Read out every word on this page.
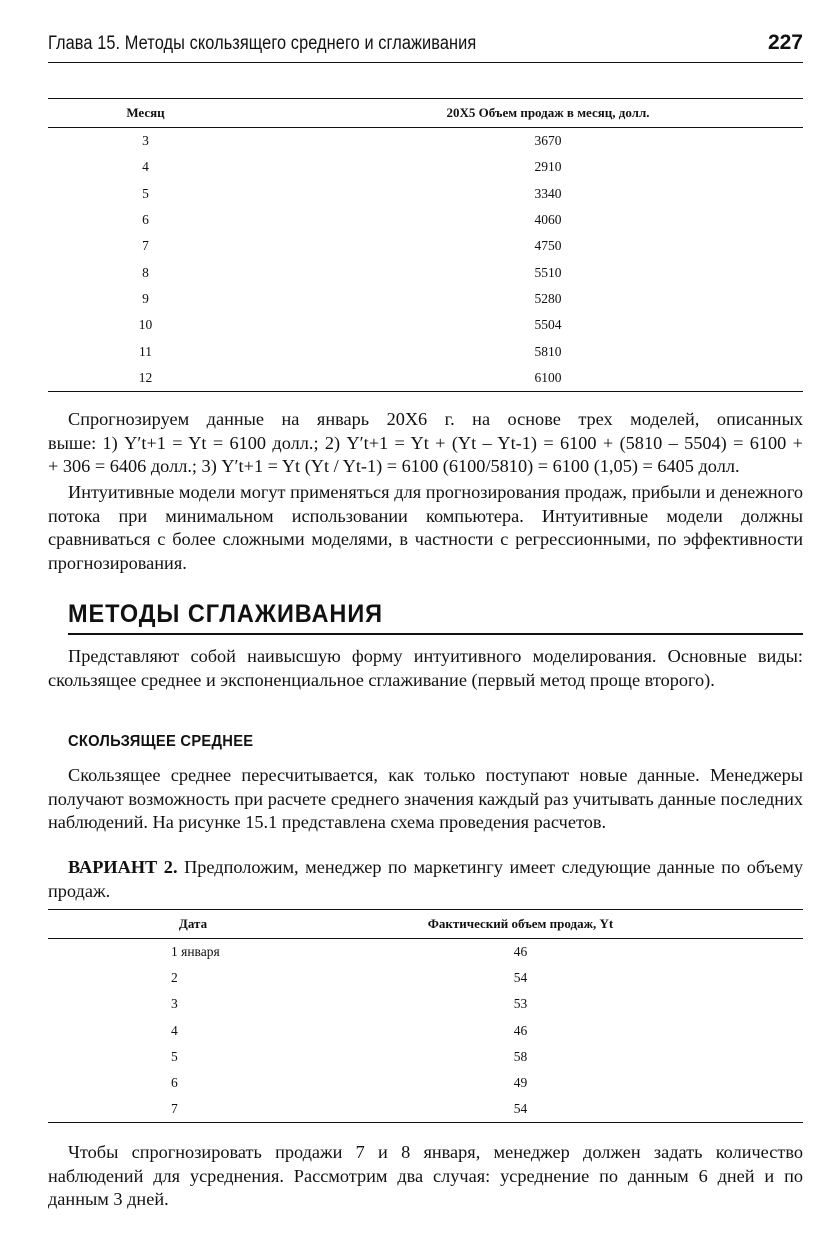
Глава 15. Методы скользящего среднего и сглаживания	227
Месяц	20X5 Объем продаж в месяц, долл.
3	3670
4	2910
5	3340
6	4060
7	4750
8	5510
9	5280
10	5504
11	5810
12	6100
Спрогнозируем данные на январь 20Х6 г. на основе трех моделей, описанных
выше: 1) Y′t+1 = Yt = 6100 долл.; 2) Y′t+1 = Yt + (Yt – Yt-1) = 6100 + (5810 – 5504) = 6100 +
+ 306 = 6406 долл.; 3) Y′t+1 = Yt (Yt / Yt-1) = 6100 (6100/5810) = 6100 (1,05) = 6405 долл.

Интуитивные модели могут применяться для прогнозирования продаж, прибыли и денежного потока при минимальном использовании компьютера. Интуитивные модели должны сравниваться с более сложными моделями, в частности с регрессионными, по эффективности прогнозирования.

МЕТОДЫ СГЛАЖИВАНИЯ

Представляют собой наивысшую форму интуитивного моделирования. Основные виды: скользящее среднее и экспоненциальное сглаживание (первый метод проще второго).

СКОЛЬЗЯЩЕЕ СРЕДНЕЕ

Скользящее среднее пересчитывается, как только поступают новые данные. Менеджеры получают возможность при расчете среднего значения каждый раз учитывать данные последних наблюдений. На рисунке 15.1 представлена схема проведения расчетов.

ВАРИАНТ 2. Предположим, менеджер по маркетингу имеет следующие данные по объему продаж.

Дата	Фактический объем продаж, Yt
1 января	46
2	54
3	53
4	46
5	58
6	49
7	54

Чтобы спрогнозировать продажи 7 и 8 января, менеджер должен задать количество наблюдений для усреднения. Рассмотрим два случая: усреднение по данным 6 дней и по данным 3 дней.
